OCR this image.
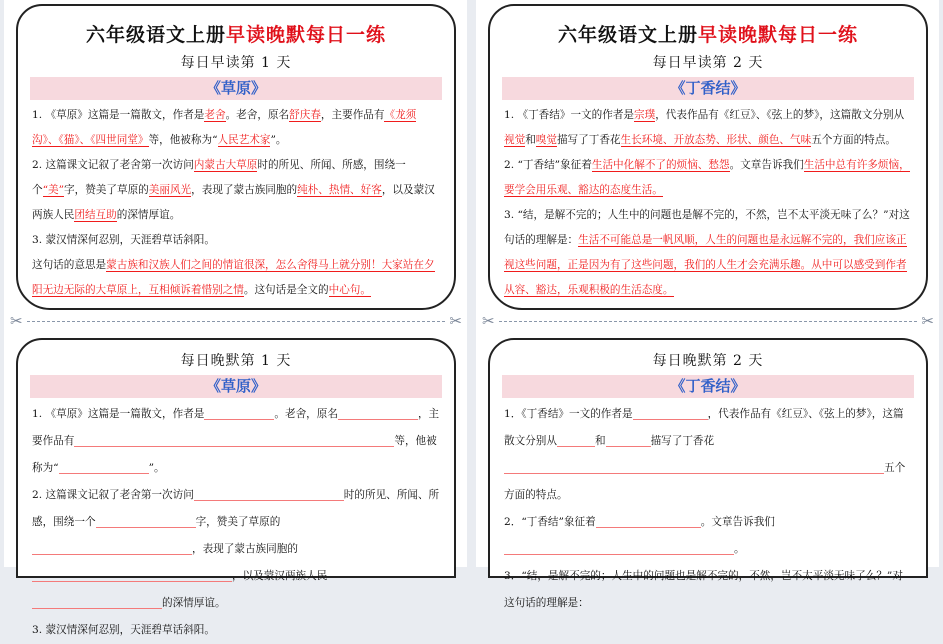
六年级语文上册早读晚默每日一练
每日早读第 1 天
《草原》

1. 《草原》这篇是一篇散文，作者是老舍。老舍，原名舒庆春，主要作品有《龙须沟》、《猫》、《四世同堂》等，他被称为“人民艺术家”。

2. 这篇课文记叙了老舍第一次访问内蒙古大草原时的所见、所闻、所感，围绕一个“美”字，赞美了草原的美丽风光，表现了蒙古族同胞的纯朴、热情、好客，以及蒙汉两族人民团结互助的深情厚谊。

3. 蒙汉情深何忍别，天涯碧草话斜阳。

这句话的意思是蒙古族和汉族人们之间的情谊很深，怎么舍得马上就分别！大家站在夕阳无边无际的大草原上，互相倾诉着惜别之情。这句话是全文的中心句。

✂	✂
每日晚默第 1 天
《草原》

1. 《草原》这篇是一篇散文，作者是	。老舍，原名	，主要作品有	等，他被称为“	”。

2. 这篇课文记叙了老舍第一次访问	时的所见、所闻、所感，围绕一个	字，赞美了草原的，表现了蒙古族同胞的，以及蒙汉两族人民的深情厚谊。

3. 蒙汉情深何忍别，天涯碧草话斜阳。

六年级语文上册早读晚默每日一练
每日早读第 2 天
《丁香结》

1. 《丁香结》一文的作者是宗璞，代表作品有《红豆》、《弦上的梦》，这篇散文分别从视觉和嗅觉描写了丁香花生长环境、开放态势、形状、颜色、气味五个方面的特点。

2. “丁香结”象征着生活中化解不了的烦恼、愁怨。文章告诉我们生活中总有许多烦恼，要学会用乐观、豁达的态度生活。

3. “结，是解不完的；人生中的问题也是解不完的，不然，岂不太平淡无味了么？”对这句话的理解是：生活不可能总是一帆风顺，人生的问题也是永远解不完的，我们应该正视这些问题，正是因为有了这些问题，我们的人生才会充满乐趣。从中可以感受到作者从容、豁达，乐观积极的生活态度。

✂	✂
每日晚默第 2 天
《丁香结》

1．《丁香结》一文的作者是	，代表作品有《红豆》、《弦上的梦》，这篇散文分别从	和	描写了丁香花五个方面的特点。

2．“丁香结”象征着	。文章告诉我们。

3．“结，是解不完的；人生中的问题也是解不完的，不然，岂不太平淡无味了么？”对这句话的理解是：
